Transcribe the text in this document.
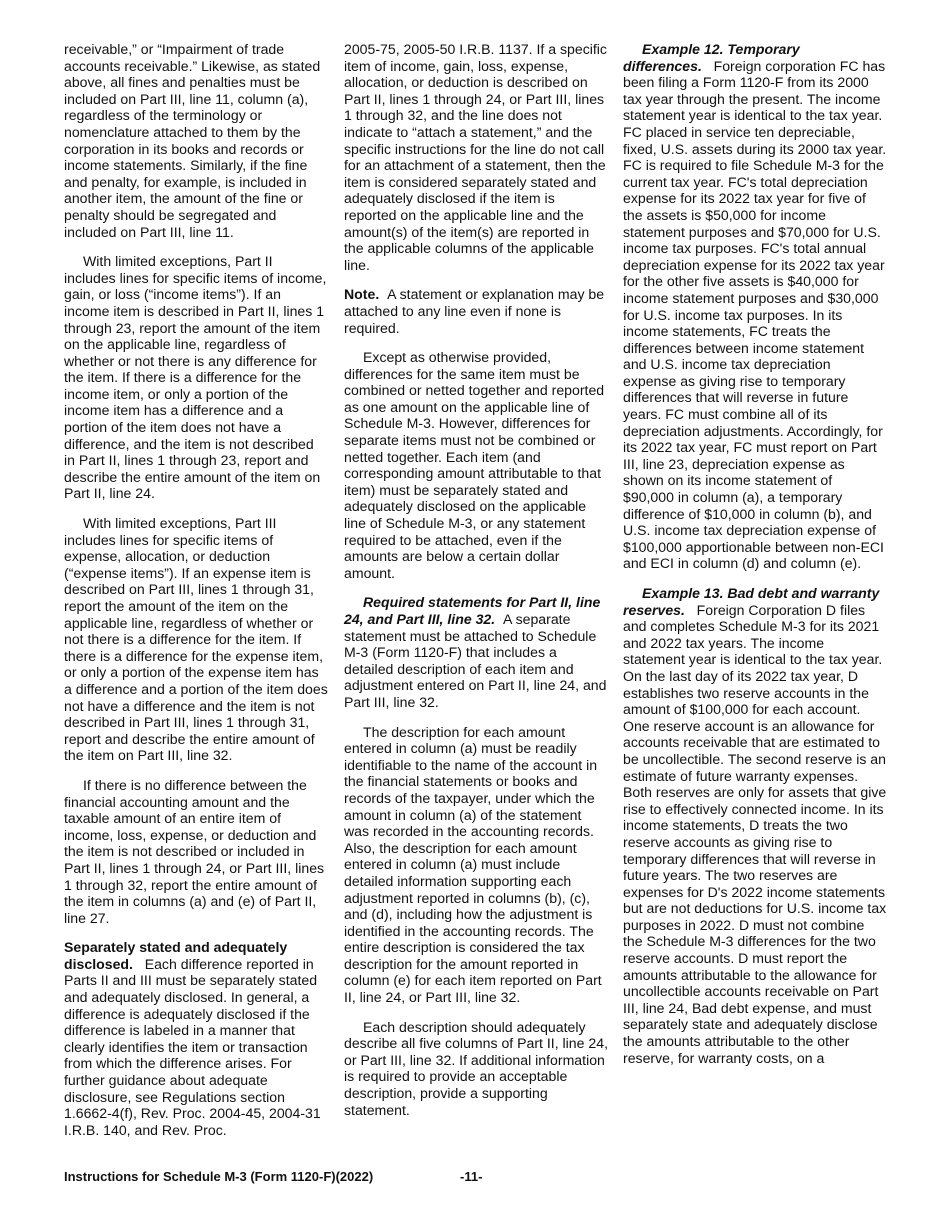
receivable,” or “Impairment of trade accounts receivable.” Likewise, as stated above, all fines and penalties must be included on Part III, line 11, column (a), regardless of the terminology or nomenclature attached to them by the corporation in its books and records or income statements. Similarly, if the fine and penalty, for example, is included in another item, the amount of the fine or penalty should be segregated and included on Part III, line 11.

With limited exceptions, Part II includes lines for specific items of income, gain, or loss (“income items”). If an income item is described in Part II, lines 1 through 23, report the amount of the item on the applicable line, regardless of whether or not there is any difference for the item. If there is a difference for the income item, or only a portion of the income item has a difference and a portion of the item does not have a difference, and the item is not described in Part II, lines 1 through 23, report and describe the entire amount of the item on Part II, line 24.

With limited exceptions, Part III includes lines for specific items of expense, allocation, or deduction (“expense items”). If an expense item is described on Part III, lines 1 through 31, report the amount of the item on the applicable line, regardless of whether or not there is a difference for the item. If there is a difference for the expense item, or only a portion of the expense item has a difference and a portion of the item does not have a difference and the item is not described in Part III, lines 1 through 31, report and describe the entire amount of the item on Part III, line 32.

If there is no difference between the financial accounting amount and the taxable amount of an entire item of income, loss, expense, or deduction and the item is not described or included in Part II, lines 1 through 24, or Part III, lines 1 through 32, report the entire amount of the item in columns (a) and (e) of Part II, line 27.

Separately stated and adequately disclosed. Each difference reported in Parts II and III must be separately stated and adequately disclosed. In general, a difference is adequately disclosed if the difference is labeled in a manner that clearly identifies the item or transaction from which the difference arises. For further guidance about adequate disclosure, see Regulations section 1.6662-4(f), Rev. Proc. 2004-45, 2004-31 I.R.B. 140, and Rev. Proc.

2005-75, 2005-50 I.R.B. 1137. If a specific item of income, gain, loss, expense, allocation, or deduction is described on Part II, lines 1 through 24, or Part III, lines 1 through 32, and the line does not indicate to “attach a statement,” and the specific instructions for the line do not call for an attachment of a statement, then the item is considered separately stated and adequately disclosed if the item is reported on the applicable line and the amount(s) of the item(s) are reported in the applicable columns of the applicable line.

Note. A statement or explanation may be attached to any line even if none is required.

Except as otherwise provided, differences for the same item must be combined or netted together and reported as one amount on the applicable line of Schedule M-3. However, differences for separate items must not be combined or netted together. Each item (and corresponding amount attributable to that item) must be separately stated and adequately disclosed on the applicable line of Schedule M-3, or any statement required to be attached, even if the amounts are below a certain dollar amount.

Required statements for Part II, line 24, and Part III, line 32. A separate statement must be attached to Schedule M-3 (Form 1120-F) that includes a detailed description of each item and adjustment entered on Part II, line 24, and Part III, line 32.

The description for each amount entered in column (a) must be readily identifiable to the name of the account in the financial statements or books and records of the taxpayer, under which the amount in column (a) of the statement was recorded in the accounting records. Also, the description for each amount entered in column (a) must include detailed information supporting each adjustment reported in columns (b), (c), and (d), including how the adjustment is identified in the accounting records. The entire description is considered the tax description for the amount reported in column (e) for each item reported on Part II, line 24, or Part III, line 32.

Each description should adequately describe all five columns of Part II, line 24, or Part III, line 32. If additional information is required to provide an acceptable description, provide a supporting statement.

Example 12. Temporary differences. Foreign corporation FC has been filing a Form 1120-F from its 2000 tax year through the present. The income statement year is identical to the tax year. FC placed in service ten depreciable, fixed, U.S. assets during its 2000 tax year. FC is required to file Schedule M-3 for the current tax year. FC's total depreciation expense for its 2022 tax year for five of the assets is $50,000 for income statement purposes and $70,000 for U.S. income tax purposes. FC's total annual depreciation expense for its 2022 tax year for the other five assets is $40,000 for income statement purposes and $30,000 for U.S. income tax purposes. In its income statements, FC treats the differences between income statement and U.S. income tax depreciation expense as giving rise to temporary differences that will reverse in future years. FC must combine all of its depreciation adjustments. Accordingly, for its 2022 tax year, FC must report on Part III, line 23, depreciation expense as shown on its income statement of $90,000 in column (a), a temporary difference of $10,000 in column (b), and U.S. income tax depreciation expense of $100,000 apportionable between non-ECI and ECI in column (d) and column (e).

Example 13. Bad debt and warranty reserves. Foreign Corporation D files and completes Schedule M-3 for its 2021 and 2022 tax years. The income statement year is identical to the tax year. On the last day of its 2022 tax year, D establishes two reserve accounts in the amount of $100,000 for each account. One reserve account is an allowance for accounts receivable that are estimated to be uncollectible. The second reserve is an estimate of future warranty expenses. Both reserves are only for assets that give rise to effectively connected income. In its income statements, D treats the two reserve accounts as giving rise to temporary differences that will reverse in future years. The two reserves are expenses for D's 2022 income statements but are not deductions for U.S. income tax purposes in 2022. D must not combine the Schedule M-3 differences for the two reserve accounts. D must report the amounts attributable to the allowance for uncollectible accounts receivable on Part III, line 24, Bad debt expense, and must separately state and adequately disclose the amounts attributable to the other reserve, for warranty costs, on a

Instructions for Schedule M-3 (Form 1120-F)(2022)	-11-
